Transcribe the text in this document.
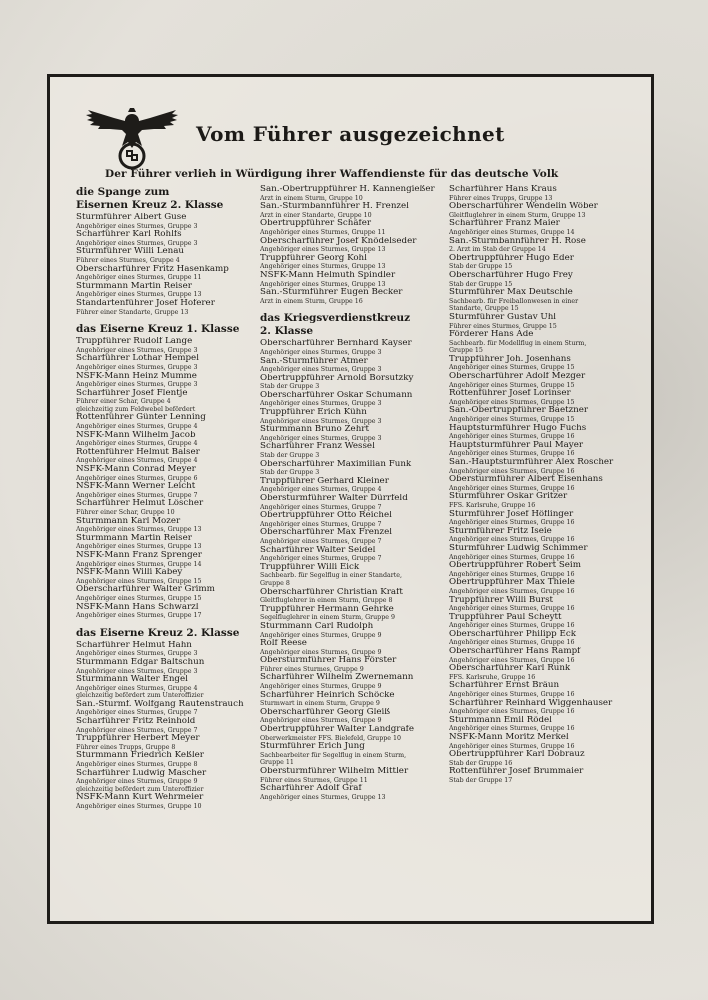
Vom Führer ausgezeichnet
Der Führer verlieh in Würdigung ihrer Waffendienste für das deutsche Volk
die Spange zum
Eisernen Kreuz 2. Klasse
Sturmführer Albert Guse
Angehöriger eines Sturmes, Gruppe 3
Scharführer Karl Rohlfs
Angehöriger eines Sturmes, Gruppe 3
Sturmführer Willi Lenau
Führer eines Sturmes, Gruppe 4
Oberscharführer Fritz Hasenkamp
Angehöriger eines Sturmes, Gruppe 11
Sturmmann Martin Reiser
Angehöriger eines Sturmes, Gruppe 13
Standartenführer Josef Hoferer
Führer einer Standarte, Gruppe 13
das Eiserne Kreuz 1. Klasse
Truppführer Rudolf Lange
Angehöriger eines Sturmes, Gruppe 3
Scharführer Lothar Hempel
Angehöriger eines Sturmes, Gruppe 3
NSFK-Mann Heinz Mumme
Angehöriger eines Sturmes, Gruppe 3
Scharführer Josef Flentje
Führer einer Schar, Gruppe 4
gleichzeitig zum Feldwebel befördert
Rottenführer Günter Lenning
Angehöriger eines Sturmes, Gruppe 4
NSFK-Mann Wilhelm Jacob
Angehöriger eines Sturmes, Gruppe 4
Rottenführer Helmut Balser
Angehöriger eines Sturmes, Gruppe 4
NSFK-Mann Conrad Meyer
Angehöriger eines Sturmes, Gruppe 6
NSFK-Mann Werner Leicht
Angehöriger eines Sturmes, Gruppe 7
Scharführer Helmut Löscher
Führer einer Schar, Gruppe 10
Sturmmann Karl Mozer
Angehöriger eines Sturmes, Gruppe 13
Sturmmann Martin Reiser
Angehöriger eines Sturmes, Gruppe 13
NSFK-Mann Franz Sprenger
Angehöriger eines Sturmes, Gruppe 14
NSFK-Mann Willi Kabey
Angehöriger eines Sturmes, Gruppe 15
Oberscharführer Walter Grimm
Angehöriger eines Sturmes, Gruppe 15
NSFK-Mann Hans Schwarzl
Angehöriger eines Sturmes, Gruppe 17
das Eiserne Kreuz 2. Klasse
Scharführer Helmut Hahn
Angehöriger eines Sturmes, Gruppe 3
Sturmmann Edgar Baltschun
Angehöriger eines Sturmes, Gruppe 3
Sturmmann Walter Engel
Angehöriger eines Sturmes, Gruppe 4
gleichzeitig befördert zum Unteroffizier
San.-Sturmf. Wolfgang Rautenstrauch
Angehöriger eines Sturmes, Gruppe 7
Scharführer Fritz Reinhold
Angehöriger eines Sturmes, Gruppe 7
Truppführer Herbert Meyer
Führer eines Trupps, Gruppe 8
Sturmmann Friedrich Keßler
Angehöriger eines Sturmes, Gruppe 8
Scharführer Ludwig Mascher
Angehöriger eines Sturmes, Gruppe 9
gleichzeitig befördert zum Unteroffizier
NSFK-Mann Kurt Wehrmeier
Angehöriger eines Sturmes, Gruppe 10
San.-Obertruppführer H. Kannengießer
Arzt in einem Sturm, Gruppe 10
San.-Sturmbannführer H. Frenzel
Arzt in einer Standarte, Gruppe 10
Obertruppführer Schäfer
Angehöriger eines Sturmes, Gruppe 11
Oberscharführer Josef Knödelseder
Angehöriger eines Sturmes, Gruppe 13
Truppführer Georg Kohl
Angehöriger eines Sturmes, Gruppe 13
NSFK-Mann Helmuth Spindler
Angehöriger eines Sturmes, Gruppe 13
San.-Sturmführer Eugen Becker
Arzt in einem Sturm, Gruppe 16
das Kriegsverdienstkreuz
2. Klasse
Oberscharführer Bernhard Kayser
Angehöriger eines Sturmes, Gruppe 3
San.-Sturmführer Atmer
Angehöriger eines Sturmes, Gruppe 3
Obertruppführer Arnold Borsutzky
Stab der Gruppe 3
Oberscharführer Oskar Schumann
Angehöriger eines Sturmes, Gruppe 3
Truppführer Erich Kühn
Angehöriger eines Sturmes, Gruppe 3
Sturmmann Bruno Zehrt
Angehöriger eines Sturmes, Gruppe 3
Scharführer Franz Wessel
Stab der Gruppe 3
Oberscharführer Maximilian Funk
Stab der Gruppe 3
Truppführer Gerhard Kleiner
Angehöriger eines Sturmes, Gruppe 4
Obersturmführer Walter Dürrfeld
Angehöriger eines Sturmes, Gruppe 7
Obertruppführer Otto Reichel
Angehöriger eines Sturmes, Gruppe 7
Oberscharführer Max Frenzel
Angehöriger eines Sturmes, Gruppe 7
Scharführer Walter Seidel
Angehöriger eines Sturmes, Gruppe 7
Truppführer Willi Eick
Sachbearb. für Segelflug in einer Standarte,
Gruppe 8
Oberscharführer Christian Kraft
Gleitfluglehrer in einem Sturm, Gruppe 8
Truppführer Hermann Gehrke
Segelfluglehrer in einem Sturm, Gruppe 9
Sturmmann Carl Rudolph
Angehöriger eines Sturmes, Gruppe 9
Rolf Reese
Angehöriger eines Sturmes, Gruppe 9
Obersturmführer Hans Förster
Führer eines Sturmes, Gruppe 9
Scharführer Wilhelm Zwernemann
Angehöriger eines Sturmes, Gruppe 9
Scharführer Heinrich Schöcke
Sturmwart in einem Sturm, Gruppe 9
Oberscharführer Georg Gleiß
Angehöriger eines Sturmes, Gruppe 9
Obertruppführer Walter Landgrafe
Oberwerkmeister FFS. Bielefeld, Gruppe 10
Sturmführer Erich Jung
Sachbearbeiter für Segelflug in einem Sturm,
Gruppe 11
Obersturmführer Wilhelm Mittler
Führer eines Sturmes, Gruppe 11
Scharführer Adolf Graf
Angehöriger eines Sturmes, Gruppe 13
Scharführer Hans Kraus
Führer eines Trupps, Gruppe 13
Oberscharführer Wendelin Wöber
Gleitfluglehrer in einem Sturm, Gruppe 13
Scharführer Franz Maier
Angehöriger eines Sturmes, Gruppe 14
San.-Sturmbannführer H. Rose
2. Arzt im Stab der Gruppe 14
Obertruppführer Hugo Eder
Stab der Gruppe 15
Oberscharführer Hugo Frey
Stab der Gruppe 15
Sturmführer Max Deutschle
Sachbearb. für Freiballonwesen in einer
Standarte, Gruppe 15
Sturmführer Gustav Uhl
Führer eines Sturmes, Gruppe 15
Förderer Hans Ade
Sachbearb. für Modellflug in einem Sturm,
Gruppe 15
Truppführer Joh. Josenhans
Angehöriger eines Sturmes, Gruppe 15
Oberscharführer Adolf Mezger
Angehöriger eines Sturmes, Gruppe 15
Rottenführer Josef Lorinser
Angehöriger eines Sturmes, Gruppe 15
San.-Obertruppführer Baetzner
Angehöriger eines Sturmes, Gruppe 15
Hauptsturmführer Hugo Fuchs
Angehöriger eines Sturmes, Gruppe 16
Hauptsturmführer Paul Mayer
Angehöriger eines Sturmes, Gruppe 16
San.-Hauptsturmführer Alex Roscher
Angehöriger eines Sturmes, Gruppe 16
Obersturmführer Albert Eisenhans
Angehöriger eines Sturmes, Gruppe 16
Sturmführer Oskar Gritzer
FFS. Karlsruhe, Gruppe 16
Sturmführer Josef Höflinger
Angehöriger eines Sturmes, Gruppe 16
Sturmführer Fritz Iseie
Angehöriger eines Sturmes, Gruppe 16
Sturmführer Ludwig Schimmer
Angehöriger eines Sturmes, Gruppe 16
Obertruppführer Robert Seim
Angehöriger eines Sturmes, Gruppe 16
Obertruppführer Max Thiele
Angehöriger eines Sturmes, Gruppe 16
Truppführer Willi Burst
Angehöriger eines Sturmes, Gruppe 16
Truppführer Paul Scheytt
Angehöriger eines Sturmes, Gruppe 16
Oberscharführer Philipp Eck
Angehöriger eines Sturmes, Gruppe 16
Oberscharführer Hans Rampf
Angehöriger eines Sturmes, Gruppe 16
Oberscharführer Karl Runk
FFS. Karlsruhe, Gruppe 16
Scharführer Ernst Bräun
Angehöriger eines Sturmes, Gruppe 16
Scharführer Reinhard Wiggenhauser
Angehöriger eines Sturmes, Gruppe 16
Sturmmann Emil Rödel
Angehöriger eines Sturmes, Gruppe 16
NSFK-Mann Moritz Merkel
Angehöriger eines Sturmes, Gruppe 16
Obertruppführer Karl Dobrauz
Stab der Gruppe 16
Rottenführer Josef Brummaier
Stab der Gruppe 17
